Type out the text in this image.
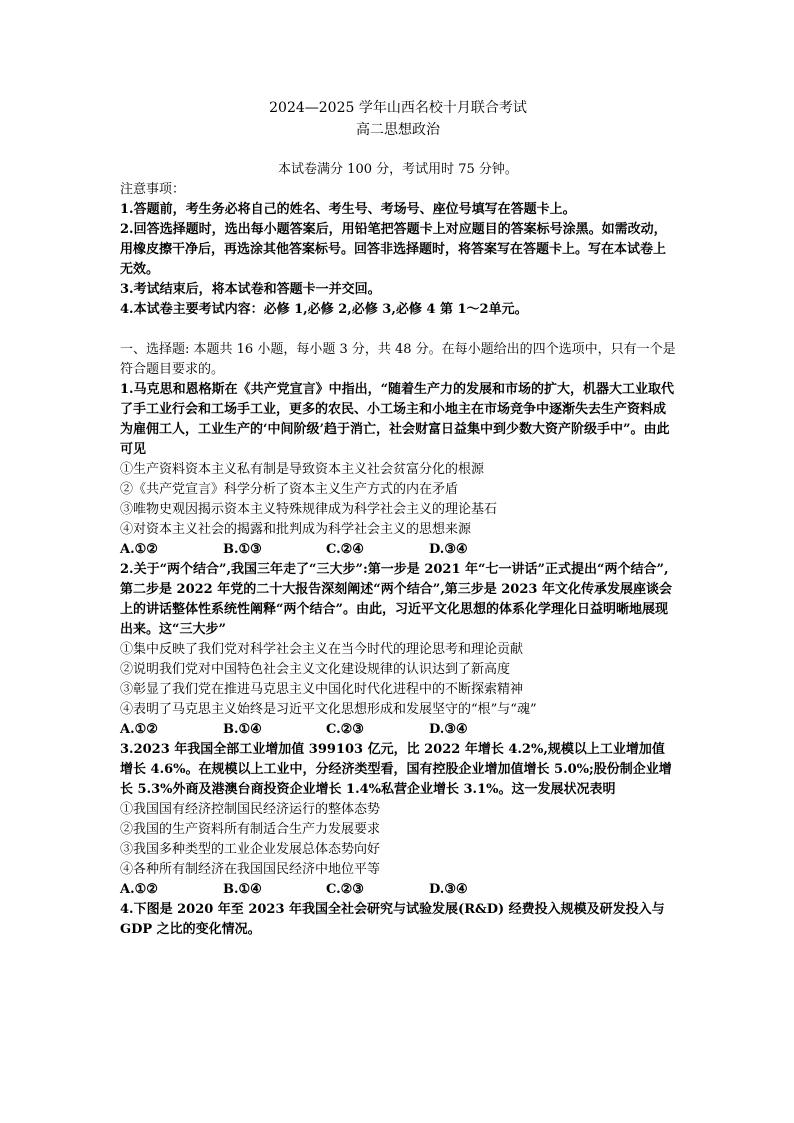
2024—2025 学年山西名校十月联合考试
高二思想政治
本试卷满分 100 分，考试用时 75 分钟。

注意事项：

1.答题前，考生务必将自己的姓名、考生号、考场号、座位号填写在答题卡上。

2.回答选择题时，选出每小题答案后，用铅笔把答题卡上对应题目的答案标号涂黑。如需改动，用橡皮擦干净后，再选涂其他答案标号。回答非选择题时，将答案写在答题卡上。写在本试卷上无效。

3.考试结束后，将本试卷和答题卡一并交回。

4.本试卷主要考试内容：必修 1,必修 2,必修 3,必修 4 第 1～2单元。

一、选择题: 本题共 16 小题，每小题 3 分，共 48 分。在每小题给出的四个选项中，只有一个是符合题目要求的。

1.马克思和恩格斯在《共产党宣言》中指出，“随着生产力的发展和市场的扩大，机器大工业取代了手工业行会和工场手工业，更多的农民、小工场主和小地主在市场竞争中逐渐失去生产资料成为雇佣工人，工业生产的‘中间阶级’趋于消亡，社会财富日益集中到少数大资产阶级手中”。由此可见

①生产资料资本主义私有制是导致资本主义社会贫富分化的根源

②《共产党宣言》科学分析了资本主义生产方式的内在矛盾

③唯物史观因揭示资本主义特殊规律成为科学社会主义的理论基石

④对资本主义社会的揭露和批判成为科学社会主义的思想来源

A.①②	B.①③	C.②④	D.③④

2.关于“两个结合”,我国三年走了“三大步”:第一步是 2021 年“七一讲话”正式提出“两个结合”,第二步是 2022 年党的二十大报告深刻阐述“两个结合”,第三步是 2023 年文化传承发展座谈会上的讲话整体性系统性阐释“两个结合”。由此，习近平文化思想的体系化学理化日益明晰地展现出来。这“三大步”

①集中反映了我们党对科学社会主义在当今时代的理论思考和理论贡献

②说明我们党对中国特色社会主义文化建设规律的认识达到了新高度

③彰显了我们党在推进马克思主义中国化时代化进程中的不断探索精神

④表明了马克思主义始终是习近平文化思想形成和发展坚守的“根”与“魂”

A.①②	B.①④	C.②③	D.③④

3.2023 年我国全部工业增加值 399103 亿元，比 2022 年增长 4.2%,规模以上工业增加值增长 4.6%。在规模以上工业中，分经济类型看，国有控股企业增加值增长 5.0%;股份制企业增长 5.3%外商及港澳台商投资企业增长 1.4%私营企业增长 3.1%。这一发展状况表明

①我国国有经济控制国民经济运行的整体态势

②我国的生产资料所有制适合生产力发展要求

③我国多种类型的工业企业发展总体态势向好

④各种所有制经济在我国国民经济中地位平等

A.①②	B.①④	C.②③	D.③④

4.下图是 2020 年至 2023 年我国全社会研究与试验发展(R&D) 经费投入规模及研发投入与 GDP 之比的变化情况。
